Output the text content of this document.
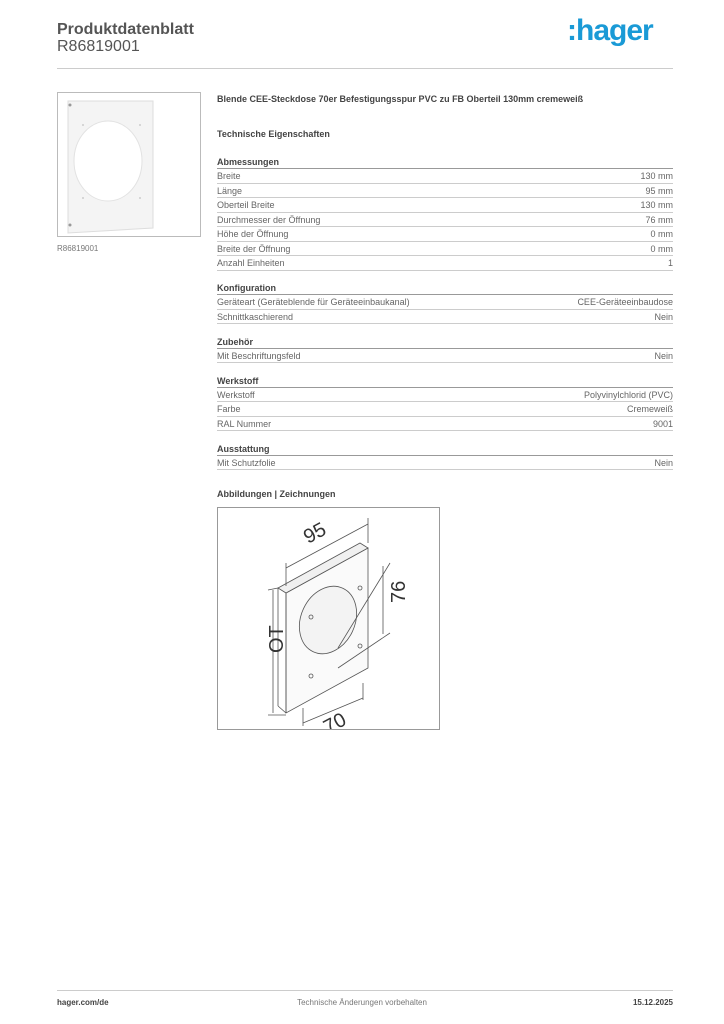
Produktdatenblatt
R86819001	:hager
R86819001
Blende CEE-Steckdose 70er Befestigungsspur PVC zu FB Oberteil 130mm cremeweiß
Technische Eigenschaften
Abmessungen
Breite	130 mm
Länge	95 mm
Oberteil Breite	130 mm
Durchmesser der Öffnung	76 mm
Höhe der Öffnung	0 mm
Breite der Öffnung	0 mm
Anzahl Einheiten	1
Konfiguration
Geräteart (Geräteblende für Geräteeinbaukanal)	CEE-Geräteeinbaudose
Schnittkaschierend	Nein
Zubehör
Mit Beschriftungsfeld	Nein
Werkstoff
Werkstoff	Polyvinylchlorid (PVC)
Farbe	Cremeweiß
RAL Nummer	9001
Ausstattung
Mit Schutzfolie	Nein
Abbildungen | Zeichnungen
95
76
OT
70
hager.com/de	Technische Änderungen vorbehalten	15.12.2025
